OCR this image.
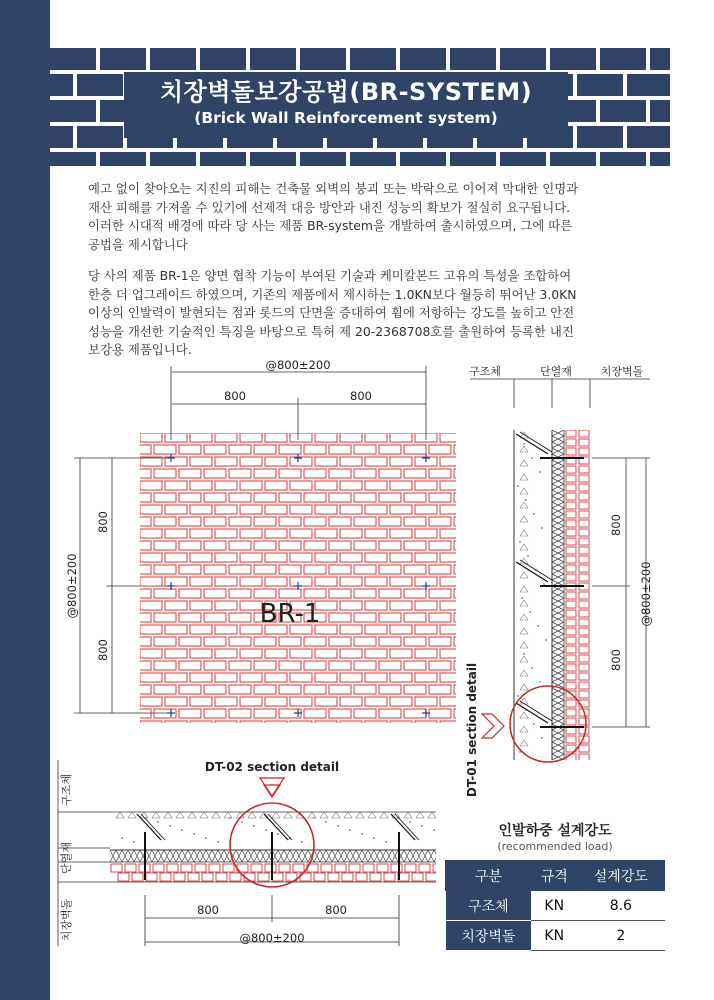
치장벽돌보강공법(BR-SYSTEM)
(Brick Wall Reinforcement system)

예고 없이 찾아오는 지진의 피해는 건축물 외벽의 붕괴 또는 박락으로 이어져 막대한 인명과
재산 피해를 가져올 수 있기에 선제적 대응 방안과 내진 성능의 확보가 절실히 요구됩니다.
이러한 시대적 배경에 따라 당 사는 제품 BR-system을 개발하여 출시하였으며, 그에 따른
공법을 제시합니다

당 사의 제품 BR-1은 양면 협착 기능이 부여된 기술과 케미칼본드 고유의 특성을 조합하여
한층 더 업그레이드 하였으며, 기존의 제품에서 제시하는 1.0KN보다 월등히 뛰어난 3.0KN
이상의 인발력이 발현되는 점과 롯드의 단면을 증대하여 휨에 저항하는 강도를 높히고 안전
성능을 개선한 기술적인 특징을 바탕으로 특허 제 20-2368708호를 출원하여 등록한 내진
보강용 제품입니다.

@800±200
800	800
@800±200
800
800
BR-1
구조체	단열재	치장벽돌
800
800
@800±200
DT-01 section detail
DT-02 section detail
구조체
단열재
치장벽돌	800	800
@800±200
인발하중 설계강도
(recommended load)
구분	규격	설계강도
구조체	KN	8.6
치장벽돌	KN	2
